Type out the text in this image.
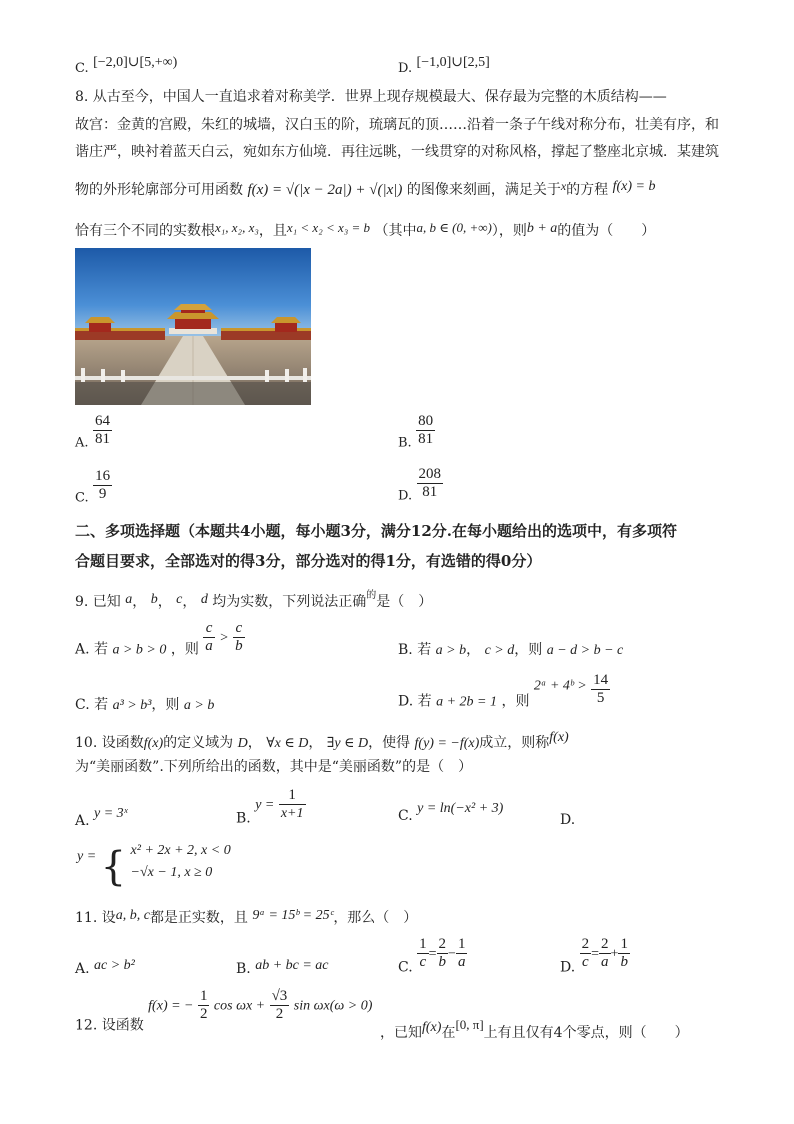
C. [−2,0]∪[5,+∞)	D. [−1,0]∪[2,5]
8. 从古至今，中国人一直追求着对称美学．世界上现存规模最大、保存最为完整的木质结构——
故宫：金黄的宫殿，朱红的城墙，汉白玉的阶，琉璃瓦的顶……沿着一条子午线对称分布，壮美有序，和
谐庄严，映衬着蓝天白云，宛如东方仙境．再往远眺，一线贯穿的对称风格，撑起了整座北京城．某建筑
物的外形轮廓部分可用函数 f(x) = √(|x − 2a|) + √(|x|) 的图像来刻画，满足关于x的方程 f(x) = b
恰有三个不同的实数根x₁, x₂, x₃，且x₁ < x₂ < x₃ = b （其中a, b ∈ (0, +∞)），则b + a的值为（　　）
A. $\frac{64}{81}$	B. $\frac{80}{81}$
C. $\frac{16}{9}$	D. $\frac{208}{81}$
二、多项选择题（本题共4小题，每小题3分，满分12分.在每小题给出的选项中，有多项符
合题目要求，全部选对的得3分，部分选对的得1分，有选错的得0分）
9. 已知 a， b， c， d 均为实数，下列说法正确$^的$是（　）
A. 若 a > b > 0 ，则 $\frac{c}{a} > \frac{c}{b}$	B. 若 a > b， c > d，则 a − d > b − c
C. 若 a³ > b³，则 a > b	D. 若 a + 2b = 1 ，则 2ᵃ + 4ᵇ > $\frac{14}{5}$
10. 设函数f(x)的定义域为 D， ∀x ∈ D， ∃y ∈ D，使得 f(y) = −f(x)成立，则称f(x)
为“美丽函数”.下列所给出的函数，其中是“美丽函数”的是（　）
A. y = 3ˣ	B. $y = \frac{1}{x+1}$	C. y = ln(−x² + 3)
D.
y = { x² + 2x + 2, x < 0
−√x − 1, x ≥ 0
11. 设a, b, c都是正实数，且 9ᵃ = 15ᵇ = 25ᶜ，那么（　）
A. ac > b²	B. ab + bc = ac	C. $\frac{1}{c} = \frac{2}{b} - \frac{1}{a}$	D. $\frac{2}{c} = \frac{2}{a} + \frac{1}{b}$
12. 设函数 f(x) = − $\frac{1}{2}$ $\cos \omega x + \frac{√3}{2}$ sin ωx(ω > 0)
，已知f(x)在[0, π]上有且仅有4个零点，则（　　）
